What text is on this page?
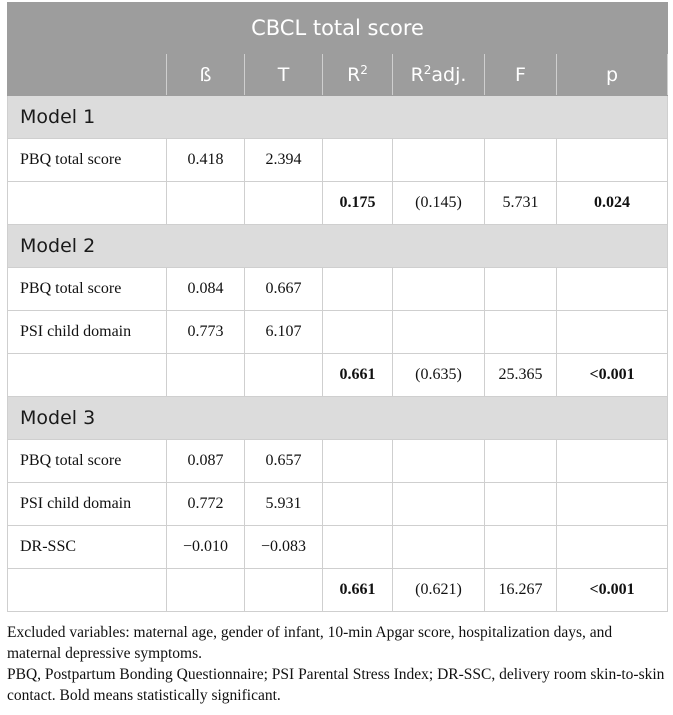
CBCL total score						
	ß	T	$R^2$	$R^2adj$.	F	p
Model 1						
PBQ total score	0.418	2.394				
			0.175	(0.145)	5.731	0.024
Model 2						
PBQ total score	0.084	0.667				
PSI child domain	0.773	6.107				
			0.661	(0.635)	25.365	<0.001
Model 3						
PBQ total score	0.087	0.657				
PSI child domain	0.772	5.931				
DR-SSC	−0.010	−0.083				
			0.661	(0.621)	16.267	<0.001

Excluded variables: maternal age, gender of infant, 10-min Apgar score, hospitalization days, and maternal depressive symptoms.

PBQ, Postpartum Bonding Questionnaire; PSI Parental Stress Index; DR-SSC, delivery room skin-to-skin contact. Bold means statistically significant.
